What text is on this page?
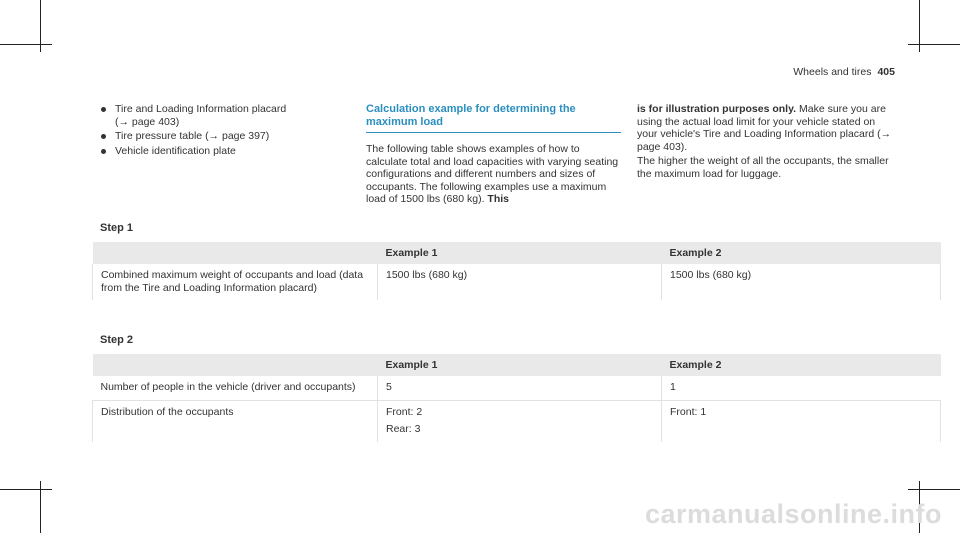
Wheels and tires 405
Tire and Loading Information placard
(→ page 403)
Tire pressure table (→ page 397)
Vehicle identification plate
Calculation example for determining the
maximum load

The following table shows examples of how to calculate total and load capacities with varying seating configurations and different numbers and sizes of occupants. The following examples use a maximum load of 1500 lbs (680 kg). This

is for illustration purposes only. Make sure you are using the actual load limit for your vehicle stated on your vehicle's Tire and Loading Information placard (→ page 403).

The higher the weight of all the occupants, the smaller the maximum load for luggage.

Step 1
	Example 1	Example 2
Combined maximum weight of occupants and load (data from the Tire and Loading Information placard)	1500 lbs (680 kg)	1500 lbs (680 kg)
Step 2
	Example 1	Example 2
Number of people in the vehicle (driver and occupants)	5	1
Distribution of the occupants	Front: 2
Rear: 3	Front: 1
carmanualsonline.info
